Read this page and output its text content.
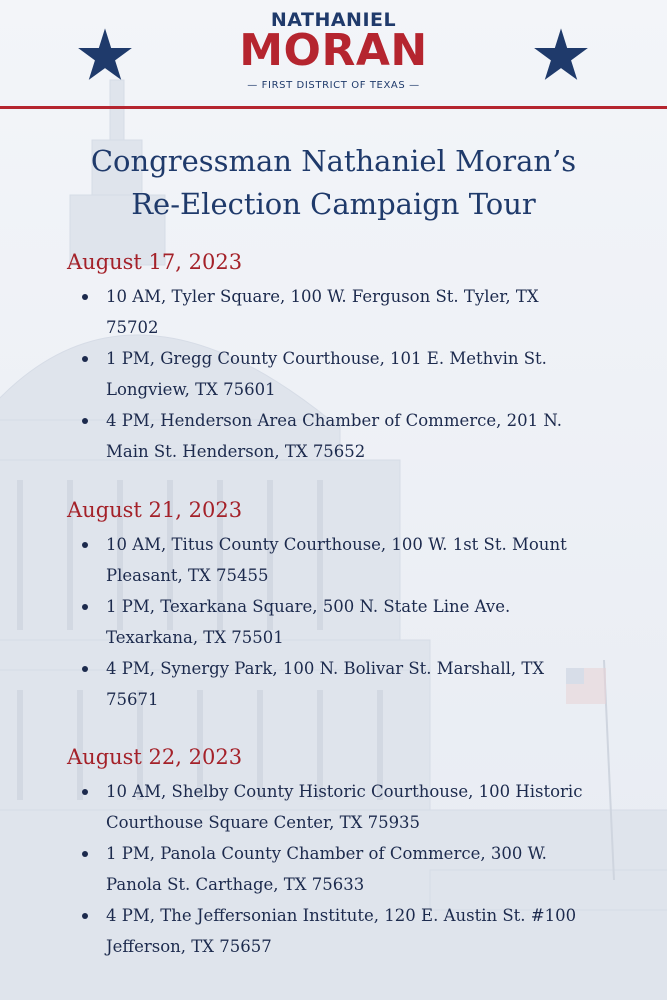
NATHANIEL
MORAN
— FIRST DISTRICT OF TEXAS —
Congressman Nathaniel Moran’s
Re-Election Campaign Tour

August 17, 2023

10 AM, Tyler Square, 100 W. Ferguson St. Tyler, TX 75702
1 PM, Gregg County Courthouse, 101 E. Methvin St. Longview, TX 75601
4 PM, Henderson Area Chamber of Commerce, 201 N. Main St. Henderson, TX 75652

August 21, 2023

10 AM, Titus County Courthouse, 100 W. 1st St. Mount Pleasant, TX 75455
1 PM, Texarkana Square, 500 N. State Line Ave. Texarkana, TX 75501
4 PM, Synergy Park, 100 N. Bolivar St. Marshall, TX 75671

August 22, 2023

10 AM, Shelby County Historic Courthouse, 100 Historic Courthouse Square Center, TX 75935
1 PM, Panola County Chamber of Commerce, 300 W. Panola St. Carthage, TX 75633
4 PM, The Jeffersonian Institute, 120 E. Austin St. #100 Jefferson, TX 75657
